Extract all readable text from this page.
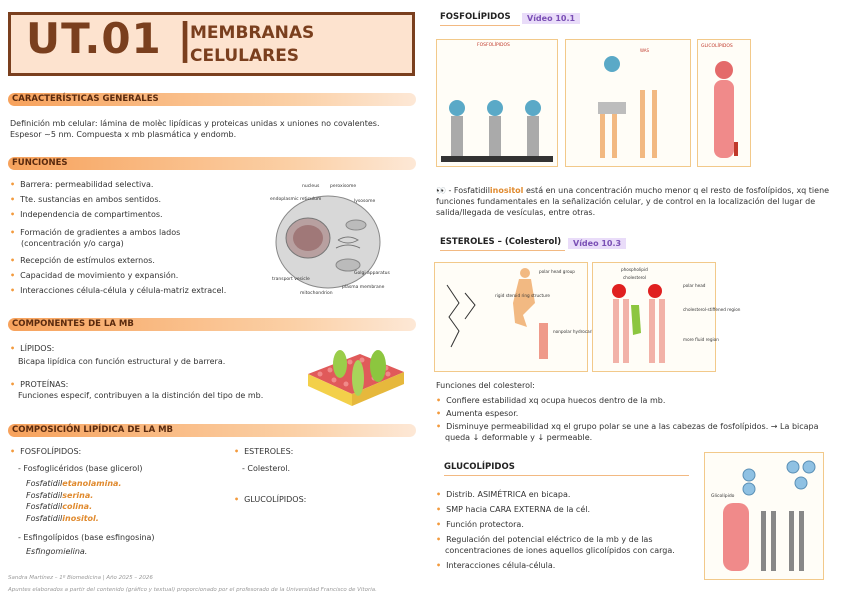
UT.01 |
MEMBRANAS
CELULARES
CARACTERÍSTICAS GENERALES
Definición mb celular: lámina de molèc lipídicas y proteicas unidas x uniones no covalentes.
Espesor ~5 nm. Compuesta x mb plasmática y endomb.
FUNCIONES
• Barrera: permeabilidad selectiva.
• Tte. sustancias en ambos sentidos.
• Independencia de compartimentos.
• Formación de gradientes a ambos lados
(concentración y/o carga)
• Recepción de estímulos externos.
• Capacidad de movimiento y expansión.
• Interacciones célula-célula y célula-matriz extracel.
nucleus peroxisome
endoplasmic reticulum	lysosome
Golgi apparatus
plasma membrane
transport vesicle
mitochondrion
COMPONENTES DE LA MB
• LÍPIDOS:
Bicapa lipídica con función estructural y de barrera.
• PROTEÍNAS:
Funciones especif, contribuyen a la distinción del tipo de mb.
COMPOSICIÓN LIPÍDICA DE LA MB
• FOSFOLÍPIDOS:
- Fosfoglicéridos (base glicerol)
Fosfatidiletanolamina.
Fosfatidilserina.
Fosfatidilcolina.
Fosfatidilinositol.
- Esfingolípidos (base esfingosina)
Esfingomielina.
• ESTEROLES:
- Colesterol.
• GLUCOLÍPIDOS:
Sandra Martínez – 1º Biomedicina | Año 2025 – 2026
Apuntes elaborados a partir del contenido (gráfico y textual) proporcionado por el profesorado de la Universidad Francisco de Vitoria.
FOSFOLÍPIDOS	Vídeo 10.1
FOSFOLÍPIDOS
WAS
GLICOLÍPIDOS
👀 - Fosfatidilinositol está en una concentración mucho menor q el resto de fosfolípidos, xq tiene funciones fundamentales en la señalización celular, y de control en la localización del lugar de salida/llegada de vesículas, entre otras.
ESTEROLES – (Colesterol)	Vídeo 10.3
polar head group
rigid steroid ring structure
nonpolar hydrocarbon tail
phospholipid
cholesterol
polar head
cholesterol-stiffened region
more fluid region
Funciones del colesterol:
• Confiere estabilidad xq ocupa huecos dentro de la mb.
• Aumenta espesor.
• Disminuye permeabilidad xq el grupo polar se une a las cabezas de fosfolípidos. → La bicapa
queda ↓ deformable y ↓ permeable.
GLUCOLÍPIDOS
• Distrib. ASIMÉTRICA en bicapa.
• SMP hacia CARA EXTERNA de la cél.
• Función protectora.
• Regulación del potencial eléctrico de la mb y de las
concentraciones de iones aquellos glicolípidos con carga.
• Interacciones célula-célula.
Glicolípido
